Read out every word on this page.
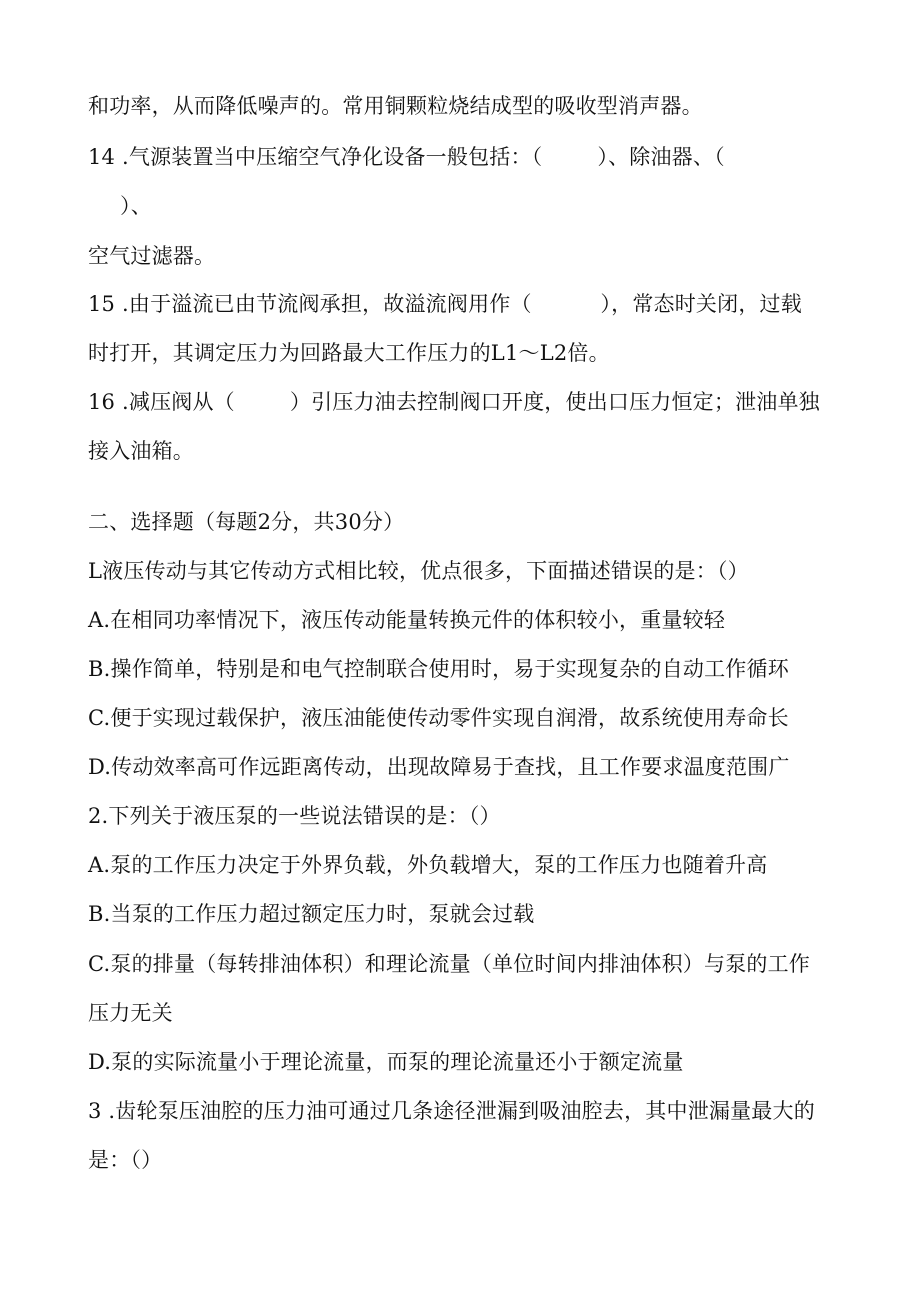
和功率，从而降低噪声的。常用铜颗粒烧结成型的吸收型消声器。
14 .气源装置当中压缩空气净化设备一般包括：（        ）、除油器、（
）、
空气过滤器。
15 .由于溢流已由节流阀承担，故溢流阀用作（          ），常态时关闭，过载
时打开，其调定压力为回路最大工作压力的L1～L2倍。
16 .减压阀从（        ）引压力油去控制阀口开度，使出口压力恒定；泄油单独
接入油箱。
二、选择题（每题2分，共30分）
L液压传动与其它传动方式相比较，优点很多，下面描述错误的是：（）
A.在相同功率情况下，液压传动能量转换元件的体积较小，重量较轻
B.操作简单，特别是和电气控制联合使用时，易于实现复杂的自动工作循环
C.便于实现过载保护，液压油能使传动零件实现自润滑，故系统使用寿命长
D.传动效率高可作远距离传动，出现故障易于查找，且工作要求温度范围广
2.下列关于液压泵的一些说法错误的是：（）
A.泵的工作压力决定于外界负载，外负载增大，泵的工作压力也随着升高
B.当泵的工作压力超过额定压力时，泵就会过载
C.泵的排量（每转排油体积）和理论流量（单位时间内排油体积）与泵的工作
压力无关
D.泵的实际流量小于理论流量，而泵的理论流量还小于额定流量
3 .齿轮泵压油腔的压力油可通过几条途径泄漏到吸油腔去，其中泄漏量最大的
是：（）
